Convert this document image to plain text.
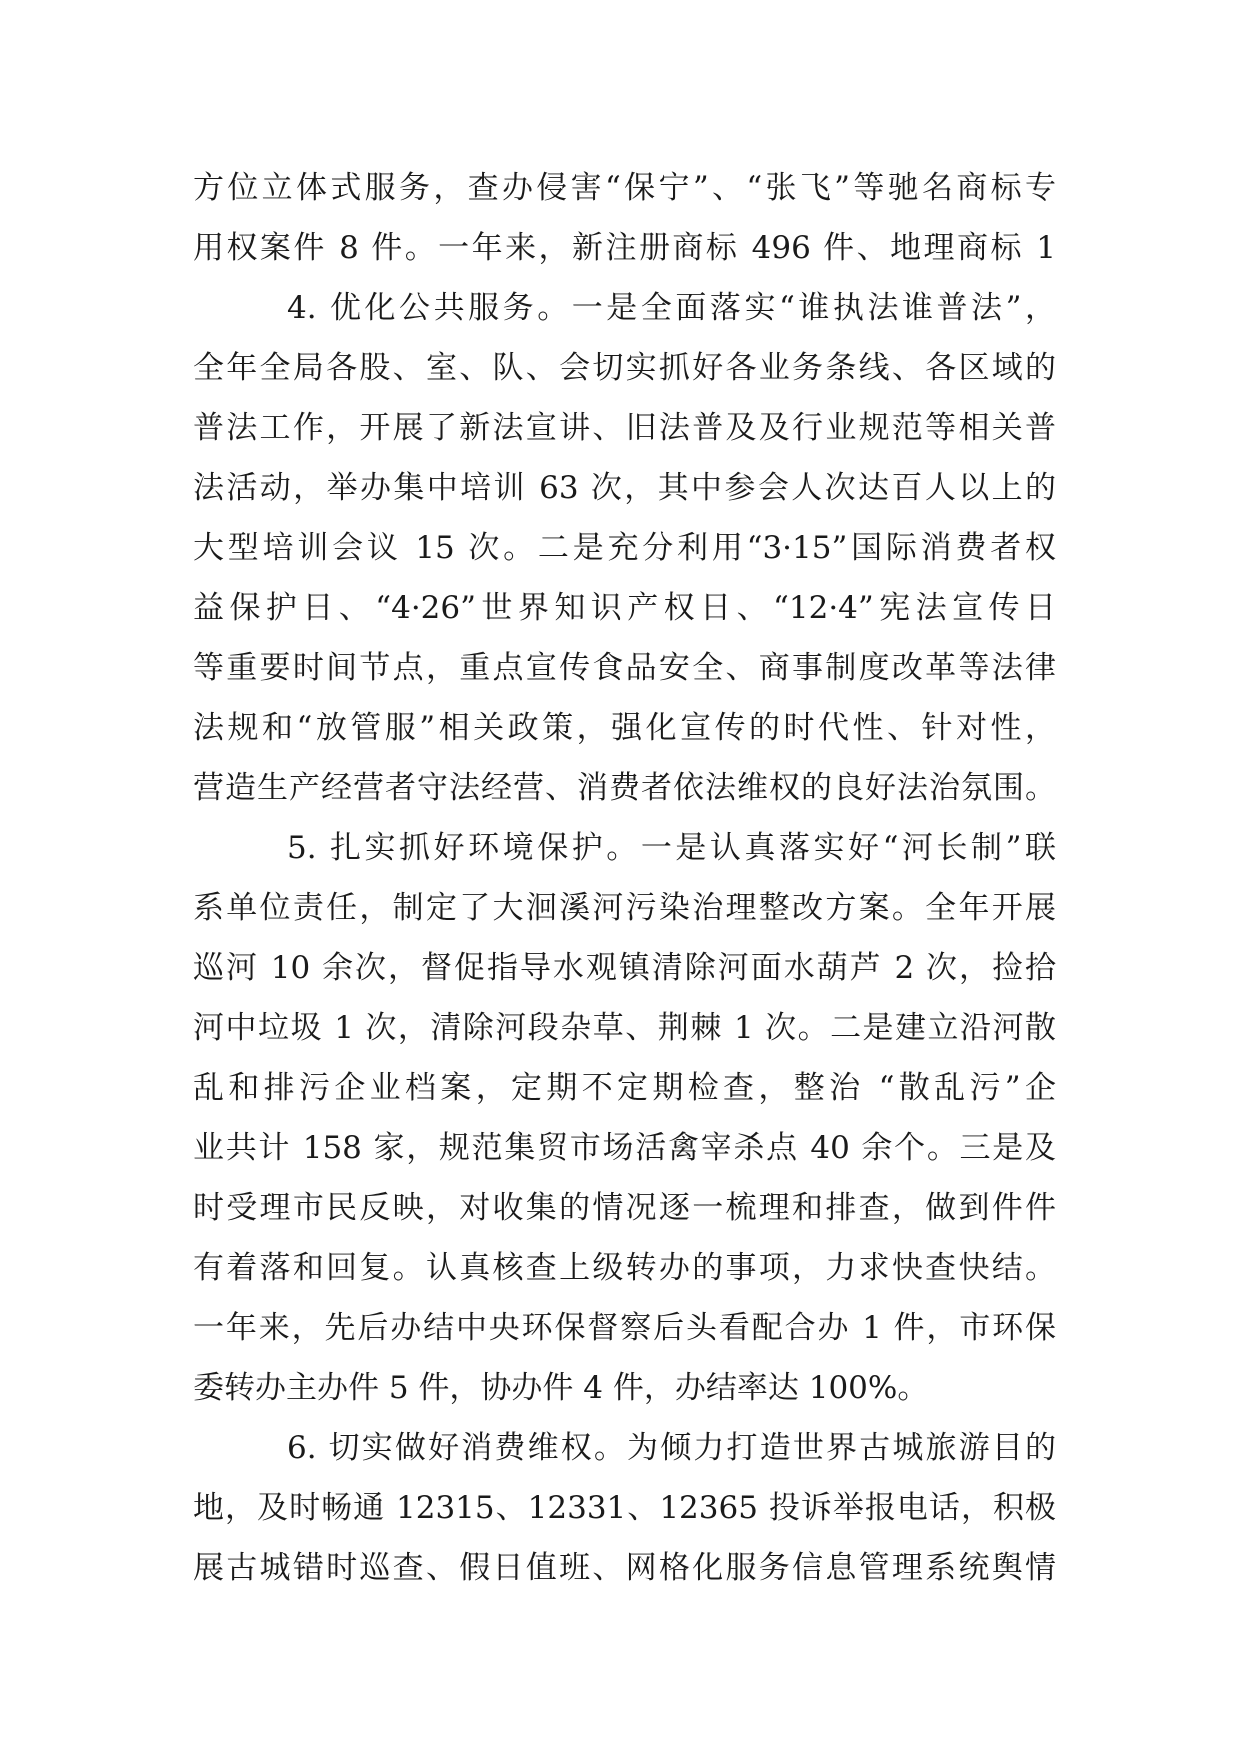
方位立体式服务，查办侵害“保宁”、“张飞”等驰名商标专
用权案件 8 件。一年来，新注册商标 496 件、地理商标 1
4. 优化公共服务。一是全面落实“谁执法谁普法”，
全年全局各股、室、队、会切实抓好各业务条线、各区域的
普法工作，开展了新法宣讲、旧法普及及行业规范等相关普
法活动，举办集中培训 63 次，其中参会人次达百人以上的
大型培训会议 15 次。二是充分利用“3·15”国际消费者权
益保护日、“4·26”世界知识产权日、“12·4”宪法宣传日
等重要时间节点，重点宣传食品安全、商事制度改革等法律
法规和“放管服”相关政策，强化宣传的时代性、针对性，
营造生产经营者守法经营、消费者依法维权的良好法治氛围。
5. 扎实抓好环境保护。一是认真落实好“河长制”联
系单位责任，制定了大洄溪河污染治理整改方案。全年开展
巡河 10 余次，督促指导水观镇清除河面水葫芦 2 次，捡拾
河中垃圾 1 次，清除河段杂草、荆棘 1 次。二是建立沿河散
乱和排污企业档案，定期不定期检查，整治 “散乱污”企
业共计 158 家，规范集贸市场活禽宰杀点 40 余个。三是及
时受理市民反映，对收集的情况逐一梳理和排查，做到件件
有着落和回复。认真核查上级转办的事项，力求快查快结。
一年来，先后办结中央环保督察后头看配合办 1 件，市环保
委转办主办件 5 件，协办件 4 件，办结率达 100%。
6. 切实做好消费维权。为倾力打造世界古城旅游目的
地，及时畅通 12315、12331、12365 投诉举报电话，积极
展古城错时巡查、假日值班、网格化服务信息管理系统舆情
